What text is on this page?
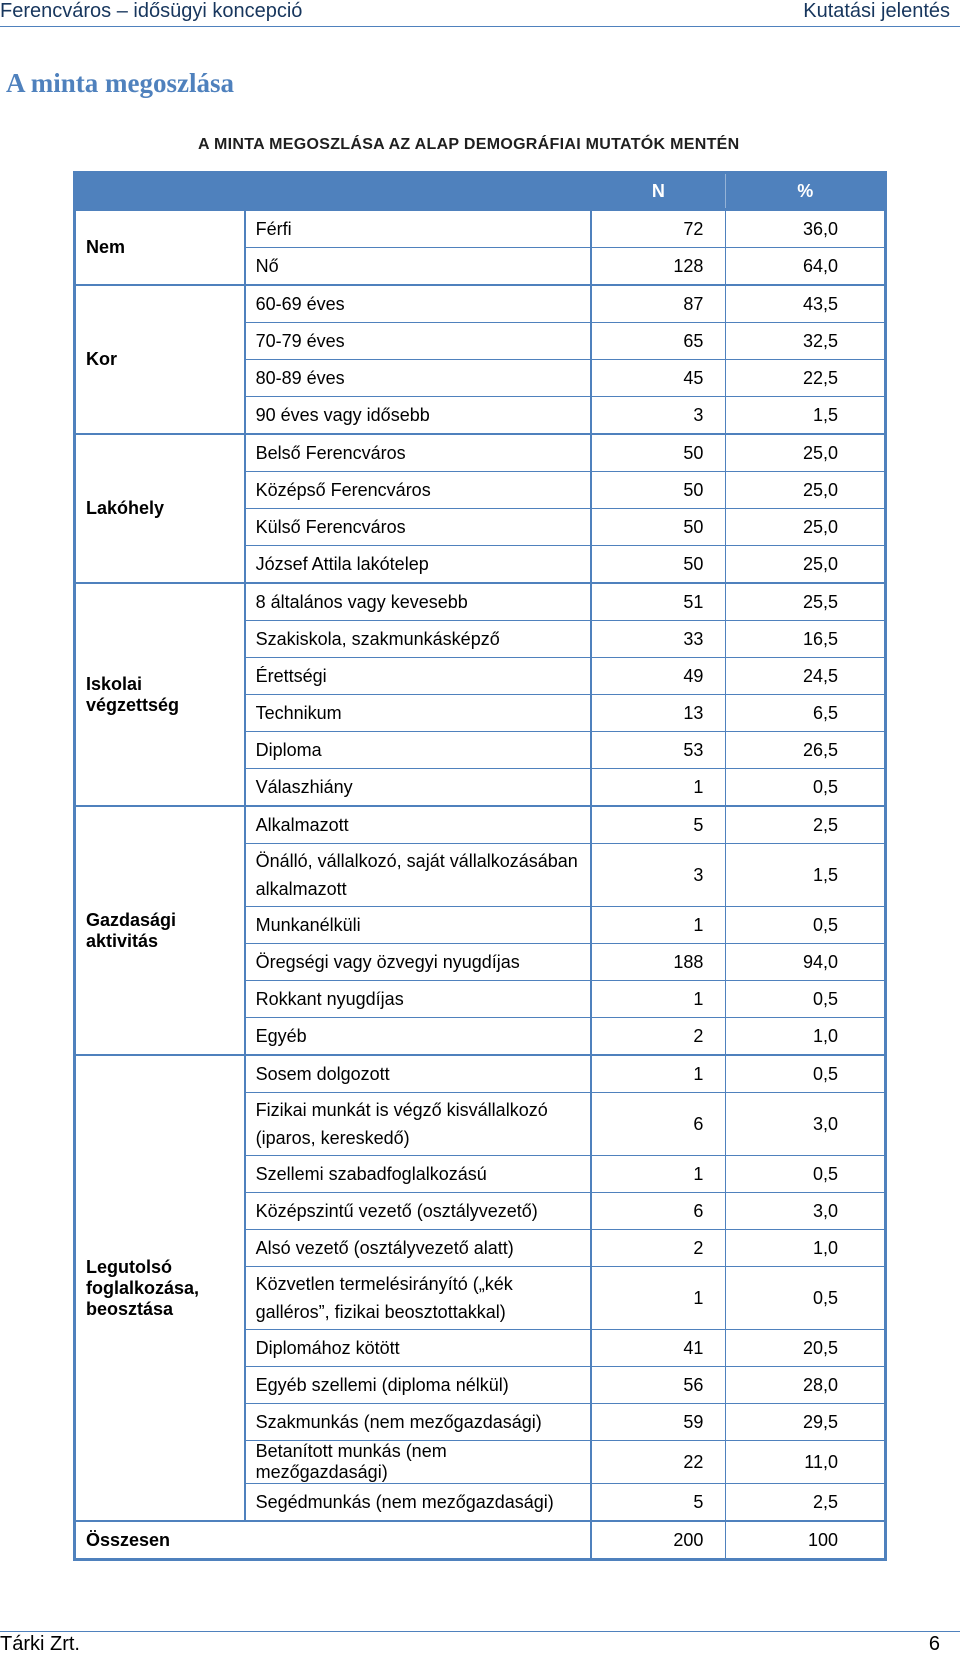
Ferencváros – idősügyi koncepció	Kutatási jelentés
A minta megoszlása
A MINTA MEGOSZLÁSA AZ ALAP DEMOGRÁFIAI MUTATÓK MENTÉN
		N	%
Nem	Férfi	72	36,0
	Nő	128	64,0
Kor	60-69 éves	87	43,5
	70-79 éves	65	32,5
	80-89 éves	45	22,5
	90 éves vagy idősebb	3	1,5
Lakóhely	Belső Ferencváros	50	25,0
	Középső Ferencváros	50	25,0
	Külső Ferencváros	50	25,0
	József Attila lakótelep	50	25,0
Iskolai végzettség	8 általános vagy kevesebb	51	25,5
	Szakiskola, szakmunkásképző	33	16,5
	Érettségi	49	24,5
	Technikum	13	6,5
	Diploma	53	26,5
	Válaszhiány	1	0,5
Gazdasági aktivitás	Alkalmazott	5	2,5
	Önálló, vállalkozó, saját vállalkozásában alkalmazott	3	1,5
	Munkanélküli	1	0,5
	Öregségi vagy özvegyi nyugdíjas	188	94,0
	Rokkant nyugdíjas	1	0,5
	Egyéb	2	1,0
Legutolsó foglalkozása, beosztása	Sosem dolgozott	1	0,5
	Fizikai munkát is végző kisvállalkozó (iparos, kereskedő)	6	3,0
	Szellemi szabadfoglalkozású	1	0,5
	Középszintű vezető (osztályvezető)	6	3,0
	Alsó vezető (osztályvezető alatt)	2	1,0
	Közvetlen termelésirányító („kék galléros”, fizikai beosztottakkal)	1	0,5
	Diplomához kötött	41	20,5
	Egyéb szellemi (diploma nélkül)	56	28,0
	Szakmunkás (nem mezőgazdasági)	59	29,5
	Betanított munkás (nem mezőgazdasági)	22	11,0
	Segédmunkás (nem mezőgazdasági)	5	2,5
Összesen		200	100
Tárki Zrt.	6
